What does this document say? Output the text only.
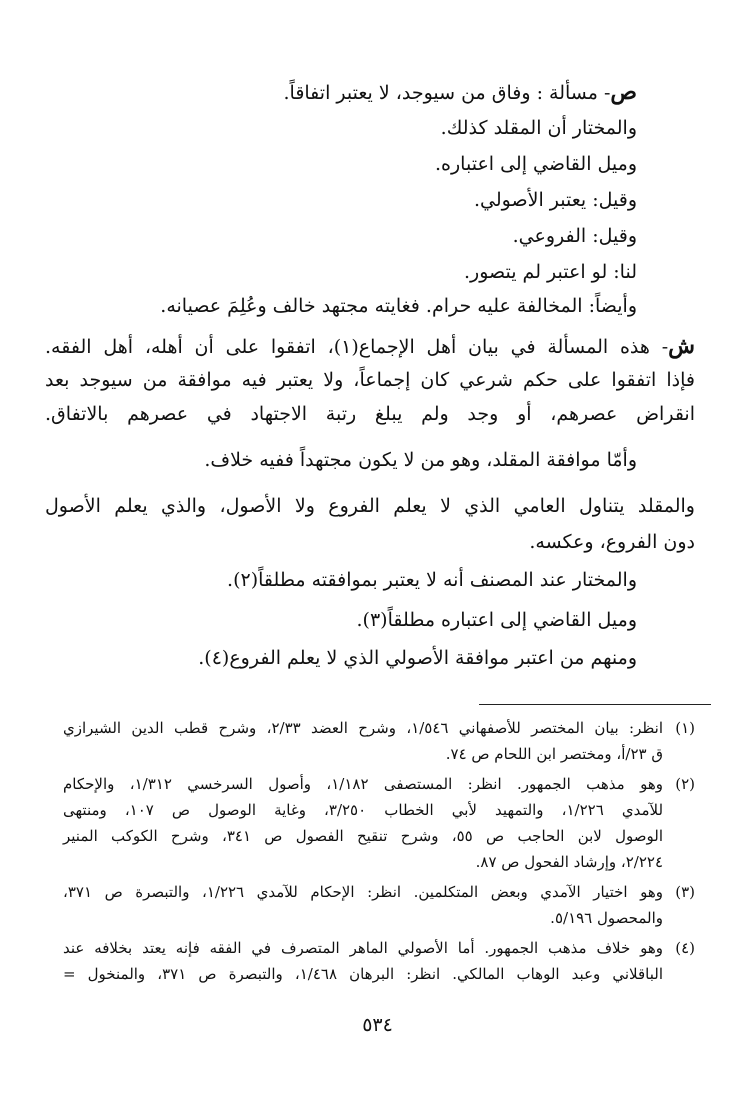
ص- مسألة : وفاق من سيوجد، لا يعتبر اتفاقاً.
والمختار أن المقلد كذلك.
وميل القاضي إلى اعتباره.
وقيل: يعتبر الأصولي.
وقيل: الفروعي.
لنا: لو اعتبر لم يتصور.
وأيضاً: المخالفة عليه حرام. فغايته مجتهد خالف وعُلِمَ عصيانه.
ش- هذه المسألة في بيان أهل الإجماع(١)، اتفقوا على أن أهله، أهل الفقه.
فإذا اتفقوا على حكم شرعي كان إجماعاً، ولا يعتبر فيه موافقة من سيوجد بعد
انقراض عصرهم، أو وجد ولم يبلغ رتبة الاجتهاد في عصرهم بالاتفاق.
وأمّا موافقة المقلد، وهو من لا يكون مجتهداً ففيه خلاف.
والمقلد يتناول العامي الذي لا يعلم الفروع ولا الأصول، والذي يعلم الأصول
دون الفروع، وعكسه.
والمختار عند المصنف أنه لا يعتبر بموافقته مطلقاً(٢).
وميل القاضي إلى اعتباره مطلقاً(٣).
ومنهم من اعتبر موافقة الأصولي الذي لا يعلم الفروع(٤).
(١)
انظر: بيان المختصر للأصفهاني ١/٥٤٦، وشرح العضد ٢/٣٣، وشرح قطب الدين الشيرازي
ق ٢٣/أ، ومختصر ابن اللحام ص ٧٤.
(٢)
وهو مذهب الجمهور. انظر: المستصفى ١/١٨٢، وأصول السرخسي ١/٣١٢، والإحكام
للآمدي ١/٢٢٦، والتمهيد لأبي الخطاب ٣/٢٥٠، وغاية الوصول ص ١٠٧، ومنتهى
الوصول لابن الحاجب ص ٥٥، وشرح تنقيح الفصول ص ٣٤١، وشرح الكوكب المنير
٢/٢٢٤، وإرشاد الفحول ص ٨٧.
(٣)
وهو اختيار الآمدي وبعض المتكلمين. انظر: الإحكام للآمدي ١/٢٢٦، والتبصرة ص ٣٧١،
والمحصول ٥/١٩٦.
(٤)
وهو خلاف مذهب الجمهور. أما الأصولي الماهر المتصرف في الفقه فإنه يعتد بخلافه عند
الباقلاني وعبد الوهاب المالكي. انظر: البرهان ١/٤٦٨، والتبصرة ص ٣٧١، والمنخول =
٥٣٤
